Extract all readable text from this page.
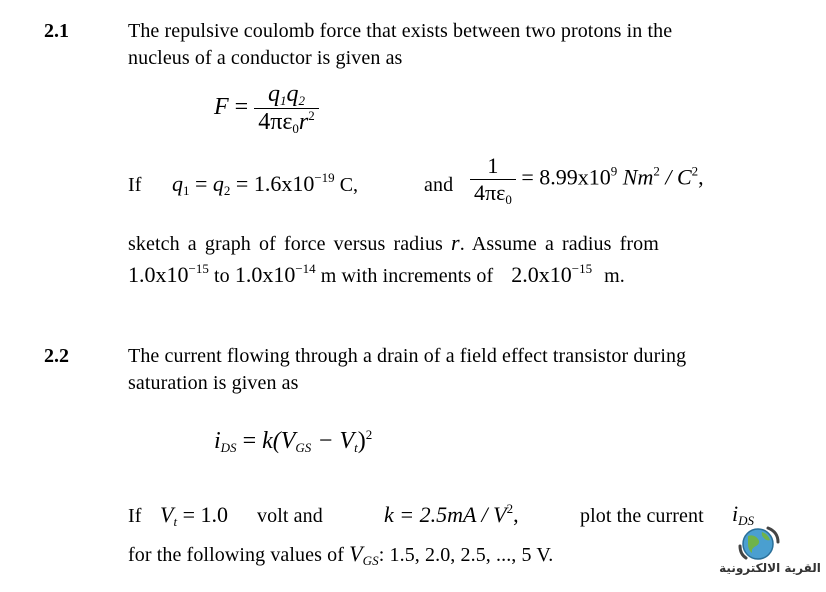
2.1	The repulsive coulomb force that exists between two protons in the
nucleus of a conductor is given as
$F = \frac{q_1q_2}{4\pi\varepsilon_0r^2}$
If $q_1 = q_2 = 1.6x10^{-19}$ C,	and $\frac{1}{4\pi\varepsilon_0} = 8.99x10^9$ $Nm^2 / C^2$,
sketch a graph of force versus radius r. Assume a radius from
$1.0x10^{-15}$ to $1.0x10^{-14}$ m with increments of $2.0x10^{-15}$ m.
2.2	The current flowing through a drain of a field effect transistor during
saturation is given as
$i_{DS} = k(V_{GS} - V_t)^2$
If $V_t = 1.0$ volt and	$k = 2.5mA / V^2$,	plot the current $i_{DS}$
for the following values of $V_{GS}$: 1.5, 2.0, 2.5, ..., 5 V.
القرية الالكترونية
